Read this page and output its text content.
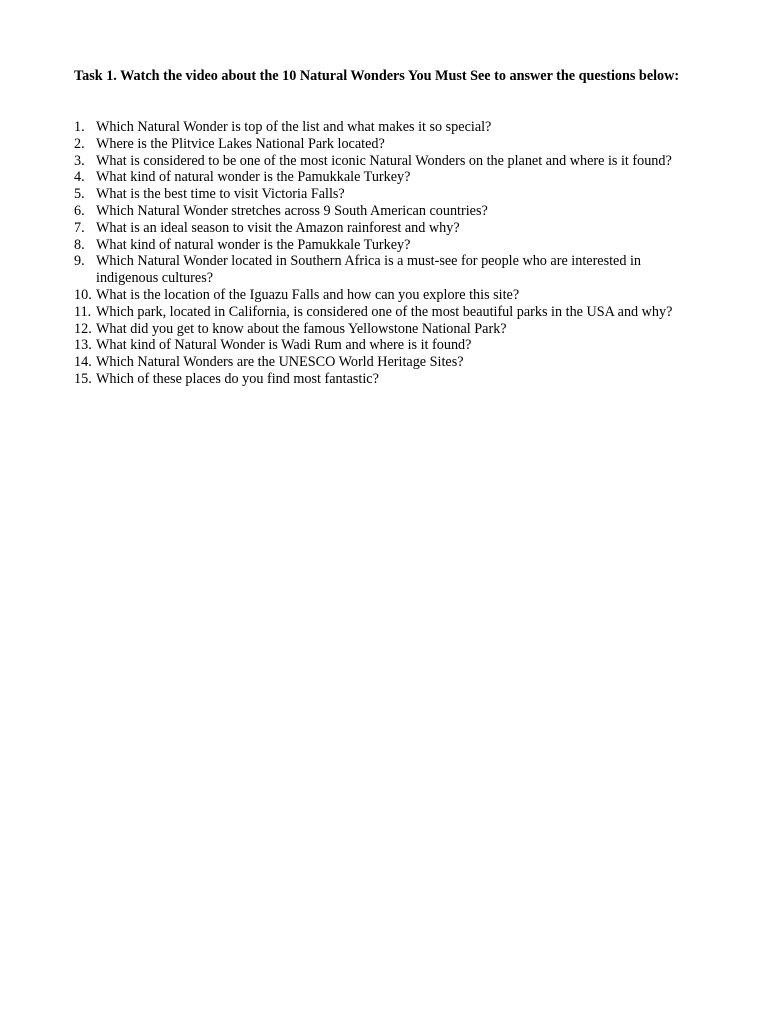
Task 1. Watch the video about the 10 Natural Wonders You Must See to answer the questions below:

1. Which Natural Wonder is top of the list and what makes it so special?
2. Where is the Plitvice Lakes National Park located?
3. What is considered to be one of the most iconic Natural Wonders on the planet and where is it found?
4. What kind of natural wonder is the Pamukkale Turkey?
5. What is the best time to visit Victoria Falls?
6. Which Natural Wonder stretches across 9 South American countries?
7. What is an ideal season to visit the Amazon rainforest and why?
8. What kind of natural wonder is the Pamukkale Turkey?
9. Which Natural Wonder located in Southern Africa is a must-see for people who are interested in indigenous cultures?
10. What is the location of the Iguazu Falls and how can you explore this site?
11. Which park, located in California, is considered one of the most beautiful parks in the USA and why?
12. What did you get to know about the famous Yellowstone National Park?
13. What kind of Natural Wonder is Wadi Rum and where is it found?
14. Which Natural Wonders are the UNESCO World Heritage Sites?
15. Which of these places do you find most fantastic?
